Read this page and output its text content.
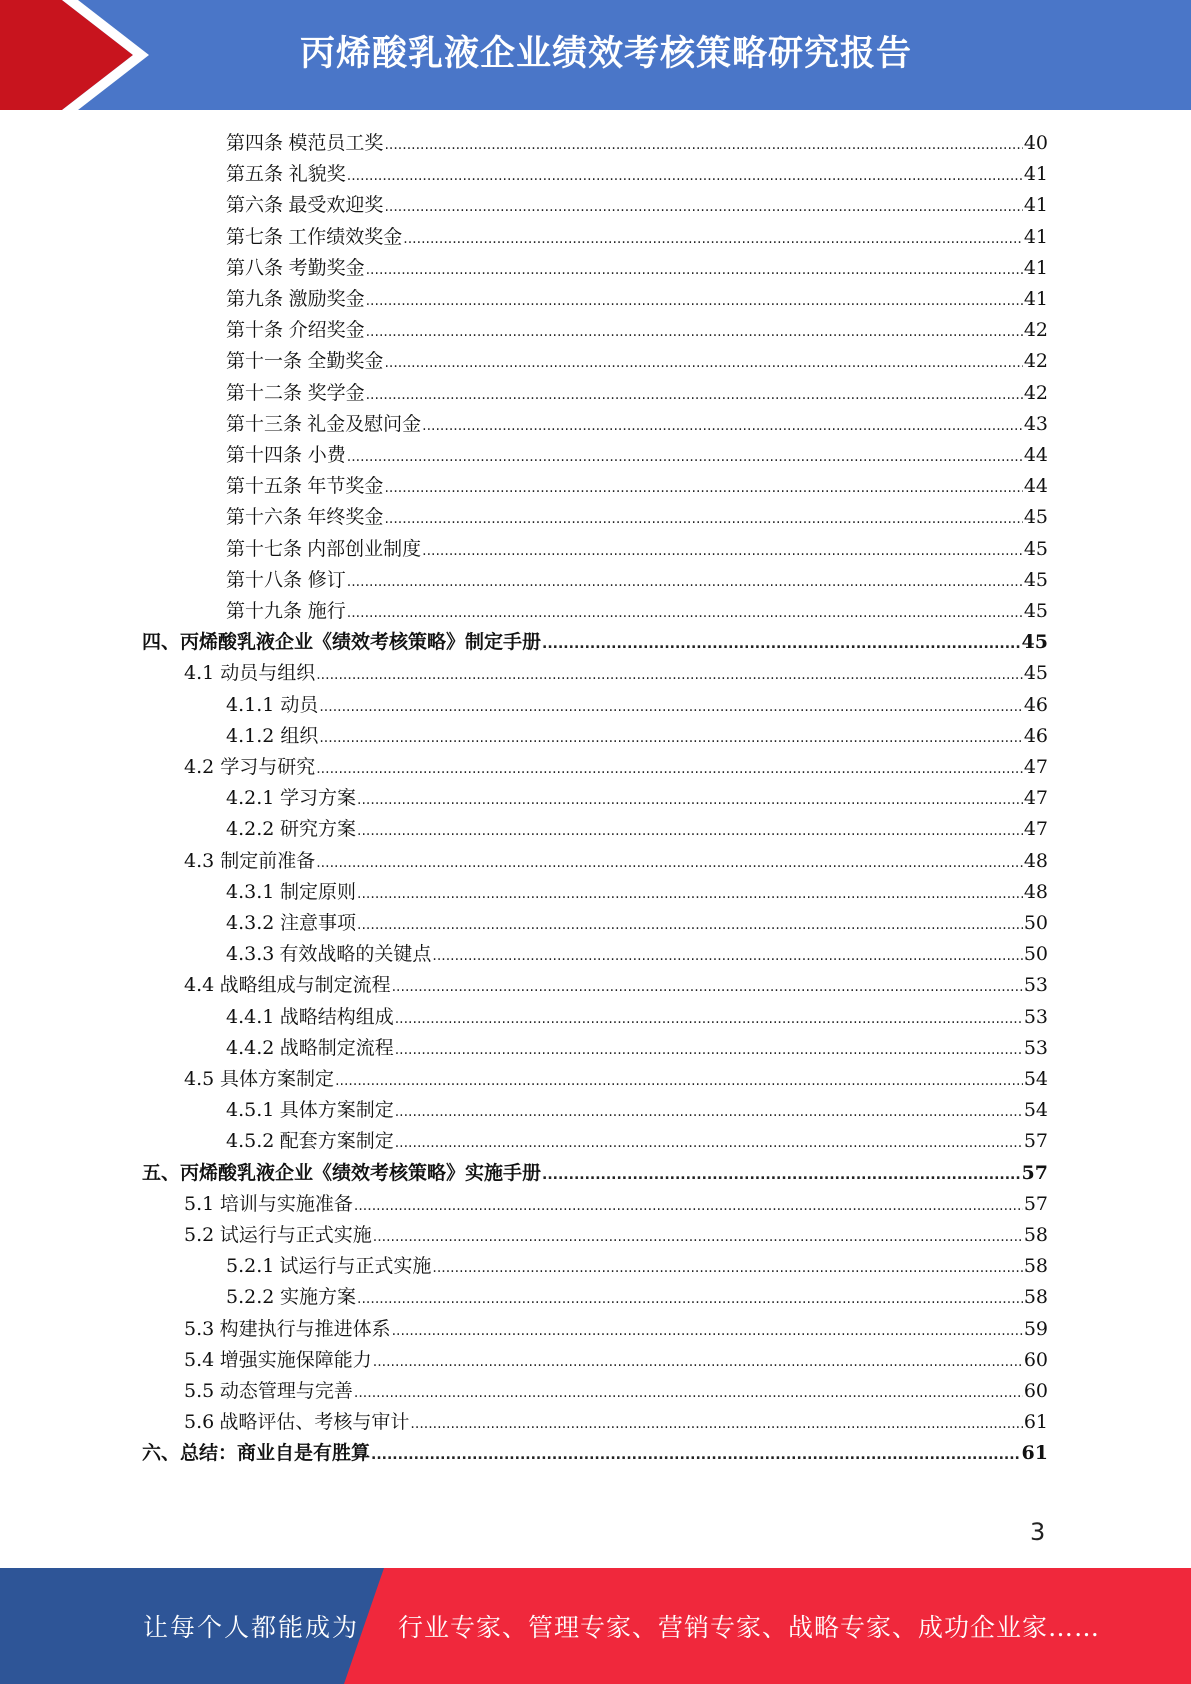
丙烯酸乳液企业绩效考核策略研究报告
第四条 模范员工奖 .....	40
第五条 礼貌奖 .....	41
第六条 最受欢迎奖 .....	41
第七条 工作绩效奖金 .....	41
第八条 考勤奖金 .....	41
第九条 激励奖金 .....	41
第十条 介绍奖金 .....	42
第十一条 全勤奖金 .....	42
第十二条 奖学金 .....	42
第十三条 礼金及慰问金 .....	43
第十四条 小费 .....	44
第十五条 年节奖金 .....	44
第十六条 年终奖金 .....	45
第十七条 内部创业制度 .....	45
第十八条 修订 .....	45
第十九条 施行 .....	45
四、 丙烯酸乳液企业《绩效考核策略》制定手册 .....	45
4.1 动员与组织 .....	45
4.1.1 动员 .....	46
4.1.2 组织 .....	46
4.2 学习与研究 .....	47
4.2.1 学习方案 .....	47
4.2.2 研究方案 .....	47
4.3 制定前准备 .....	48
4.3.1 制定原则 .....	48
4.3.2 注意事项 .....	50
4.3.3 有效战略的关键点 .....	50
4.4 战略组成与制定流程 .....	53
4.4.1 战略结构组成 .....	53
4.4.2 战略制定流程 .....	53
4.5 具体方案制定 .....	54
4.5.1 具体方案制定 .....	54
4.5.2 配套方案制定 .....	57
五、 丙烯酸乳液企业《绩效考核策略》实施手册 .....	57
5.1 培训与实施准备 .....	57
5.2 试运行与正式实施 .....	58
5.2.1 试运行与正式实施 .....	58
5.2.2 实施方案 .....	58
5.3 构建执行与推进体系 .....	59
5.4 增强实施保障能力 .....	60
5.5 动态管理与完善 .....	60
5.6 战略评估、考核与审计 .....	61
六、 总结：商业自是有胜算 .....	61
3
让每个人都能成为 行业专家、管理专家、营销专家、战略专家、成功企业家……
